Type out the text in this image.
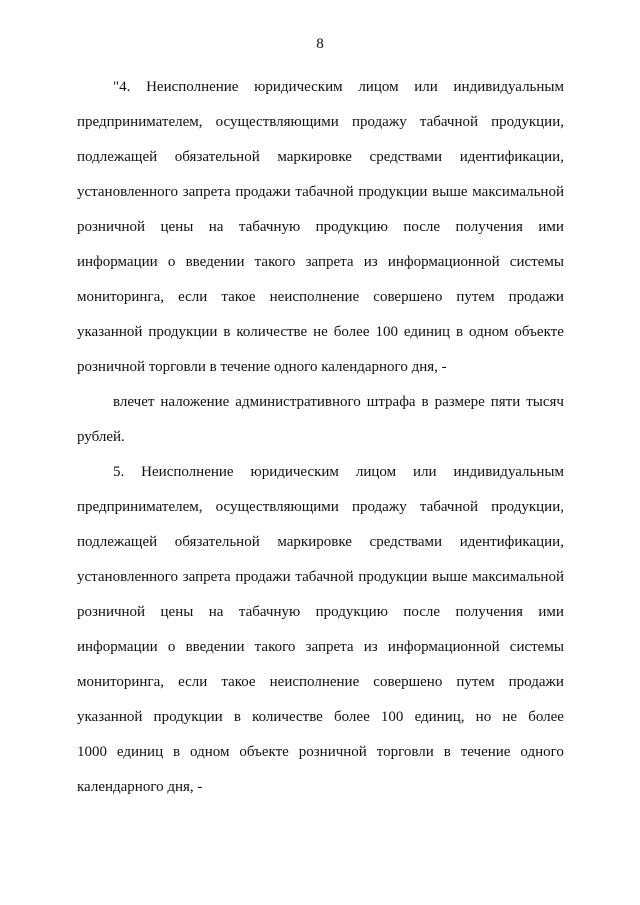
8
"4. Неисполнение юридическим лицом или индивидуальным
предпринимателем, осуществляющими продажу табачной продукции,
подлежащей обязательной маркировке средствами идентификации,
установленного запрета продажи табачной продукции выше максимальной
розничной цены на табачную продукцию после получения ими
информации о введении такого запрета из информационной системы
мониторинга, если такое неисполнение совершено путем продажи
указанной продукции в количестве не более 100 единиц в одном объекте
розничной торговли в течение одного календарного дня, -
влечет наложение административного штрафа в размере пяти тысяч
рублей.
5. Неисполнение юридическим лицом или индивидуальным
предпринимателем, осуществляющими продажу табачной продукции,
подлежащей обязательной маркировке средствами идентификации,
установленного запрета продажи табачной продукции выше максимальной
розничной цены на табачную продукцию после получения ими
информации о введении такого запрета из информационной системы
мониторинга, если такое неисполнение совершено путем продажи
указанной продукции в количестве более 100 единиц, но не более
1000 единиц в одном объекте розничной торговли в течение одного
календарного дня, -
